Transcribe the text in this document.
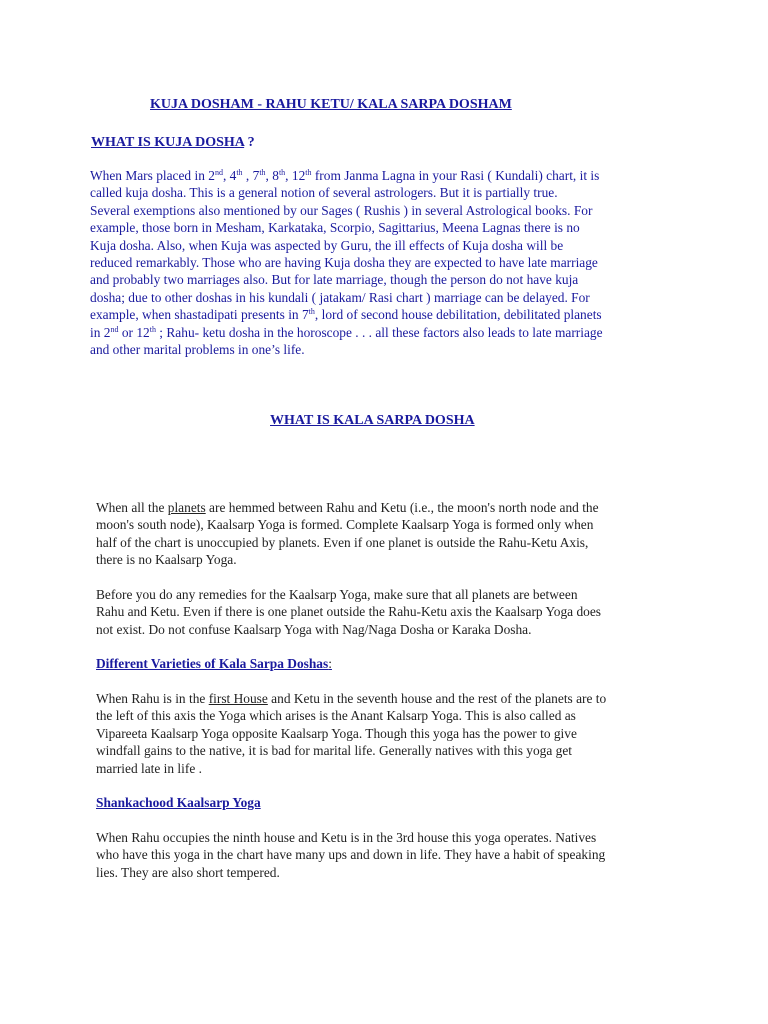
KUJA DOSHAM - RAHU KETU/ KALA SARPA DOSHAM
WHAT IS KUJA DOSHA ?

When Mars placed in 2nd, 4th , 7th, 8th, 12th from Janma Lagna in your Rasi ( Kundali) chart, it is
called kuja dosha. This is a general notion of several astrologers. But it is partially true.
Several exemptions also mentioned by our Sages ( Rushis ) in several Astrological books. For
example, those born in Mesham, Karkataka, Scorpio, Sagittarius, Meena Lagnas there is no
Kuja dosha. Also, when Kuja was aspected by Guru, the ill effects of Kuja dosha will be
reduced remarkably. Those who are having Kuja dosha they are expected to have late marriage
and probably two marriages also. But for late marriage, though the person do not have kuja
dosha; due to other doshas in his kundali ( jatakam/ Rasi chart ) marriage can be delayed. For
example, when shastadipati presents in 7th, lord of second house debilitation, debilitated planets
in 2nd or 12th ; Rahu- ketu dosha in the horoscope . . . all these factors also leads to late marriage
and other marital problems in one’s life.

WHAT IS KALA SARPA DOSHA

When all the planets are hemmed between Rahu and Ketu (i.e., the moon's north node and the
moon's south node), Kaalsarp Yoga is formed. Complete Kaalsarp Yoga is formed only when
half of the chart is unoccupied by planets. Even if one planet is outside the Rahu-Ketu Axis,
there is no Kaalsarp Yoga.

Before you do any remedies for the Kaalsarp Yoga, make sure that all planets are between
Rahu and Ketu. Even if there is one planet outside the Rahu-Ketu axis the Kaalsarp Yoga does
not exist. Do not confuse Kaalsarp Yoga with Nag/Naga Dosha or Karaka Dosha.

Different Varieties of Kala Sarpa Doshas:

When Rahu is in the first House and Ketu in the seventh house and the rest of the planets are to
the left of this axis the Yoga which arises is the Anant Kalsarp Yoga. This is also called as
Vipareeta Kaalsarp Yoga opposite Kaalsarp Yoga. Though this yoga has the power to give
windfall gains to the native, it is bad for marital life. Generally natives with this yoga get
married late in life .

Shankachood Kaalsarp Yoga

When Rahu occupies the ninth house and Ketu is in the 3rd house this yoga operates. Natives
who have this yoga in the chart have many ups and down in life. They have a habit of speaking
lies. They are also short tempered.
